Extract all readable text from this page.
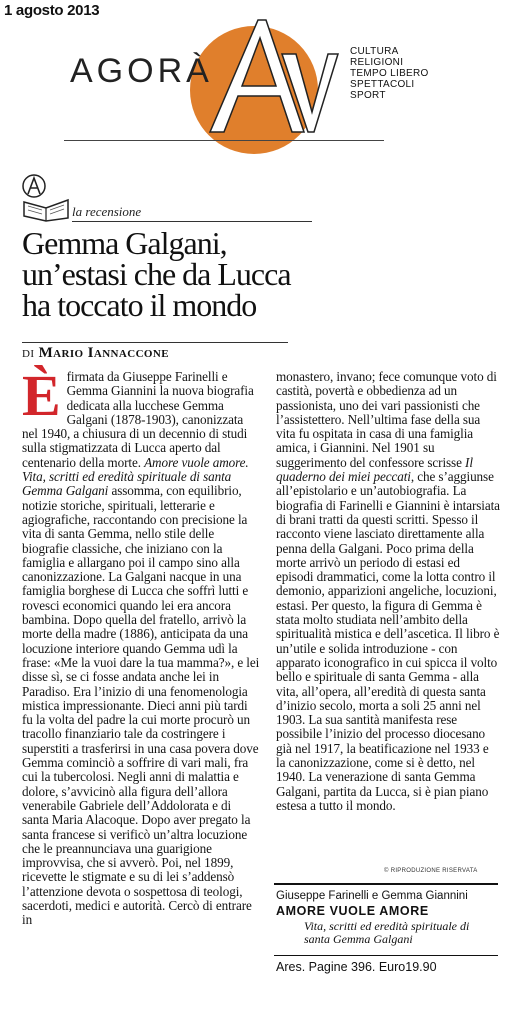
1 agosto 2013
AGORÀ
CULTURA
RELIGIONI
TEMPO LIBERO
SPETTACOLI
SPORT
la recensione
Gemma Galgani,
un’estasi che da Lucca
ha toccato il mondo
di Mario Iannaccone
È firmata da Giuseppe Farinelli e Gemma Giannini la nuova biografia dedicata alla lucchese Gemma Galgani (1878-1903), canonizzata nel 1940, a chiusura di un decennio di studi sulla stigmatizzata di Lucca aperto dal centenario della morte. Amore vuole amore. Vita, scritti ed eredità spirituale di santa Gemma Galgani assomma, con equilibrio, notizie storiche, spirituali, letterarie e agiografiche, raccontando con precisione la vita di santa Gemma, nello stile delle biografie classiche, che iniziano con la famiglia e allargano poi il campo sino alla canonizzazione. La Galgani nacque in una famiglia borghese di Lucca che soffrì lutti e rovesci economici quando lei era ancora bambina. Dopo quella del fratello, arrivò la morte della madre (1886), anticipata da una locuzione interiore quando Gemma udì la frase: «Me la vuoi dare la tua mamma?», e lei disse sì, se ci fosse andata anche lei in Paradiso. Era l’inizio di una fenomenologia mistica impressionante. Dieci anni più tardi fu la volta del padre la cui morte procurò un tracollo finanziario tale da costringere i superstiti a trasferirsi in una casa povera dove Gemma cominciò a soffrire di vari mali, fra cui la tubercolosi. Negli anni di malattia e dolore, s’avvicinò alla figura dell’allora venerabile Gabriele dell’Addolorata e di santa Maria Alacoque. Dopo aver pregato la santa francese si verificò un’altra locuzione che le preannunciava una guarigione improvvisa, che si avverò. Poi, nel 1899, ricevette le stigmate e su di lei s’addensò l’attenzione devota o sospettosa di teologi, sacerdoti, medici e autorità. Cercò di entrare in
monastero, invano; fece comunque voto di castità, povertà e obbedienza ad un passionista, uno dei vari passionisti che l’assistettero. Nell’ultima fase della sua vita fu ospitata in casa di una famiglia amica, i Giannini. Nel 1901 su suggerimento del confessore scrisse Il quaderno dei miei peccati, che s’aggiunse all’epistolario e un’autobiografia. La biografia di Farinelli e Giannini è intarsiata di brani tratti da questi scritti. Spesso il racconto viene lasciato direttamente alla penna della Galgani. Poco prima della morte arrivò un periodo di estasi ed episodi drammatici, come la lotta contro il demonio, apparizioni angeliche, locuzioni, estasi. Per questo, la figura di Gemma è stata molto studiata nell’ambito della spiritualità mistica e dell’ascetica. Il libro è un’utile e solida introduzione - con apparato iconografico in cui spicca il volto bello e spirituale di santa Gemma - alla vita, all’opera, all’eredità di questa santa d’inizio secolo, morta a soli 25 anni nel 1903. La sua santità manifesta rese possibile l’inizio del processo diocesano già nel 1917, la beatificazione nel 1933 e la canonizzazione, come si è detto, nel 1940. La venerazione di santa Gemma Galgani, partita da Lucca, si è pian piano estesa a tutto il mondo.
© RIPRODUZIONE RISERVATA
Giuseppe Farinelli e Gemma Giannini
AMORE VUOLE AMORE
Vita, scritti ed eredità spirituale di santa Gemma Galgani
Ares. Pagine 396. Euro19.90
